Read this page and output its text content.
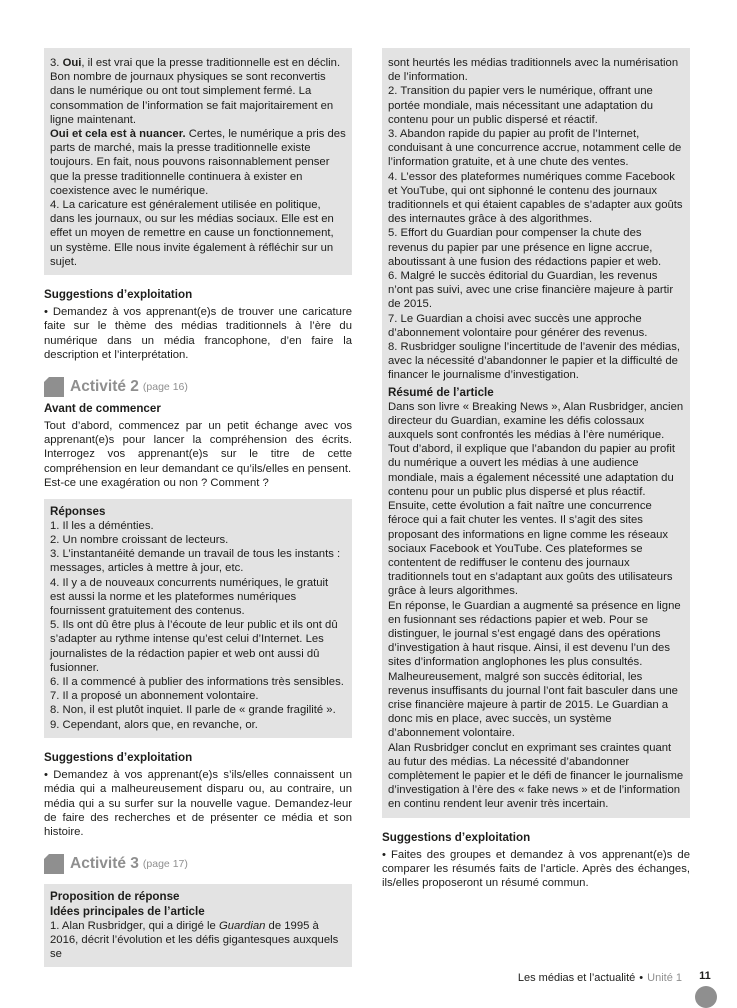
3. Oui, il est vrai que la presse traditionnelle est en déclin. Bon nombre de journaux physiques se sont reconvertis dans le numérique ou ont tout simplement fermé. La consommation de l’information se fait majoritairement en ligne maintenant.

Oui et cela est à nuancer. Certes, le numérique a pris des parts de marché, mais la presse traditionnelle existe toujours. En fait, nous pouvons raisonnablement penser que la presse traditionnelle continuera à exister en coexistence avec le numérique.

4. La caricature est généralement utilisée en politique, dans les journaux, ou sur les médias sociaux. Elle est en effet un moyen de remettre en cause un fonctionnement, un système. Elle nous invite également à réfléchir sur un sujet.

Suggestions d’exploitation

• Demandez à vos apprenant(e)s de trouver une caricature faite sur le thème des médias traditionnels à l’ère du numérique dans un média francophone, d’en faire la description et l’interprétation.

Activité 2 (page 16)
Avant de commencer

Tout d’abord, commencez par un petit échange avec vos apprenant(e)s pour lancer la compréhension des écrits. Interrogez vos apprenant(e)s sur le titre de cette compréhension en leur demandant ce qu’ils/elles en pensent.

Est-ce une exagération ou non ? Comment ?

Réponses
1. Il les a déménties.
2. Un nombre croissant de lecteurs.
3. L’instantanéité demande un travail de tous les instants : messages, articles à mettre à jour, etc.
4. Il y a de nouveaux concurrents numériques, le gratuit est aussi la norme et les plateformes numériques fournissent gratuitement des contenus.
5. Ils ont dû être plus à l’écoute de leur public et ils ont dû s’adapter au rythme intense qu’est celui d’Internet. Les journalistes de la rédaction papier et web ont aussi dû fusionner.
6. Il a commencé à publier des informations très sensibles.
7. Il a proposé un abonnement volontaire.
8. Non, il est plutôt inquiet. Il parle de « grande fragilité ».
9. Cependant, alors que, en revanche, or.
Suggestions d’exploitation

• Demandez à vos apprenant(e)s s’ils/elles connaissent un média qui a malheureusement disparu ou, au contraire, un média qui a su surfer sur la nouvelle vague. Demandez-leur de faire des recherches et de présenter ce média et son histoire.

Activité 3 (page 17)
Proposition de réponse
Idées principales de l’article

1. Alan Rusbridger, qui a dirigé le Guardian de 1995 à 2016, décrit l’évolution et les défis gigantesques auxquels se

sont heurtés les médias traditionnels avec la numérisation de l’information.

2. Transition du papier vers le numérique, offrant une portée mondiale, mais nécessitant une adaptation du contenu pour un public dispersé et réactif.

3. Abandon rapide du papier au profit de l’Internet, conduisant à une concurrence accrue, notamment celle de l’information gratuite, et à une chute des ventes.

4. L’essor des plateformes numériques comme Facebook et YouTube, qui ont siphonné le contenu des journaux traditionnels et qui étaient capables de s’adapter aux goûts des internautes grâce à des algorithmes.

5. Effort du Guardian pour compenser la chute des revenus du papier par une présence en ligne accrue, aboutissant à une fusion des rédactions papier et web.

6. Malgré le succès éditorial du Guardian, les revenus n’ont pas suivi, avec une crise financière majeure à partir de 2015.

7. Le Guardian a choisi avec succès une approche d’abonnement volontaire pour générer des revenus.

8. Rusbridger souligne l’incertitude de l’avenir des médias, avec la nécessité d’abandonner le papier et la difficulté de financer le journalisme d’investigation.

Résumé de l’article

Dans son livre « Breaking News », Alan Rusbridger, ancien directeur du Guardian, examine les défis colossaux auxquels sont confrontés les médias à l’ère numérique.

Tout d’abord, il explique que l’abandon du papier au profit du numérique a ouvert les médias à une audience mondiale, mais a également nécessité une adaptation du contenu pour un public plus dispersé et plus réactif.

Ensuite, cette évolution a fait naître une concurrence féroce qui a fait chuter les ventes. Il s’agit des sites proposant des informations en ligne comme les réseaux sociaux Facebook et YouTube. Ces plateformes se contentent de rediffuser le contenu des journaux traditionnels tout en s’adaptant aux goûts des utilisateurs grâce à leurs algorithmes.

En réponse, le Guardian a augmenté sa présence en ligne en fusionnant ses rédactions papier et web. Pour se distinguer, le journal s’est engagé dans des opérations d’investigation à haut risque. Ainsi, il est devenu l’un des sites d’information anglophones les plus consultés.

Malheureusement, malgré son succès éditorial, les revenus insuffisants du journal l’ont fait basculer dans une crise financière majeure à partir de 2015. Le Guardian a donc mis en place, avec succès, un système d’abonnement volontaire.

Alan Rusbridger conclut en exprimant ses craintes quant au futur des médias. La nécessité d’abandonner complètement le papier et le défi de financer le journalisme d’investigation à l’ère des « fake news » et de l’information en continu rendent leur avenir très incertain.

Suggestions d’exploitation

• Faites des groupes et demandez à vos apprenant(e)s de comparer les résumés faits de l’article. Après des échanges, ils/elles proposeront un résumé commun.

Les médias et l’actualité • Unité 1	11
